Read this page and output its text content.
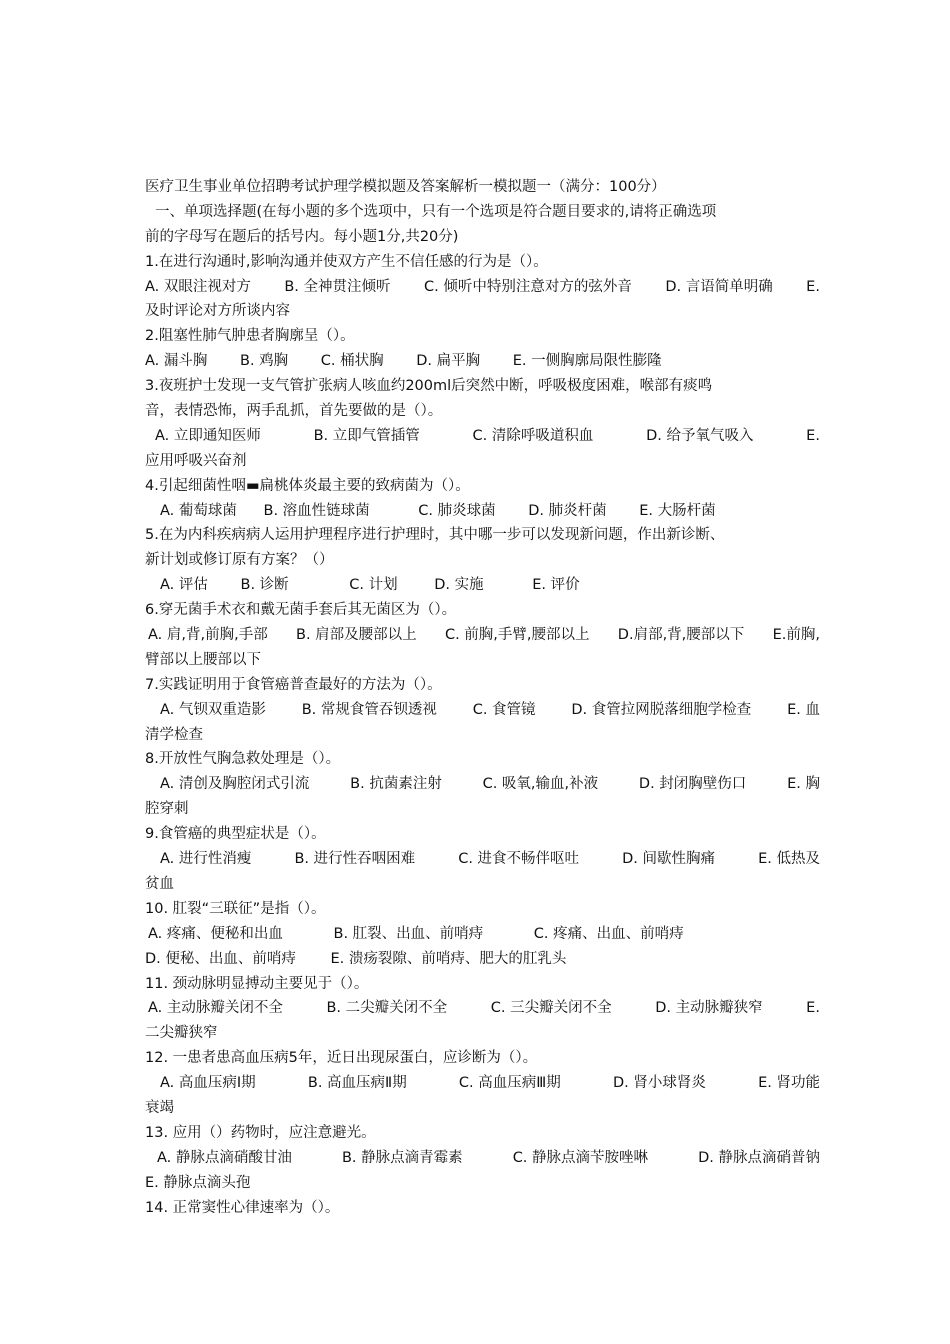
医疗卫生事业单位招聘考试护理学模拟题及答案解析一模拟题一（满分：100分）
一、单项选择题(在每小题的多个选项中，只有一个选项是符合题目要求的,请将正确选项
前的字母写在题后的括号内。每小题1分,共20分)
1.在进行沟通时,影响沟通并使双方产生不信任感的行为是（）。
A. 双眼注视对方 B. 全神贯注倾听 C. 倾听中特别注意对方的弦外音 D. 言语简单明确 E.
及时评论对方所谈内容
2.阻塞性肺气肿患者胸廓呈（）。
A. 漏斗胸 B. 鸡胸 C. 桶状胸 D. 扁平胸 E. 一侧胸廓局限性膨隆
3.夜班护士发现一支气管扩张病人咳血约200ml后突然中断，呼吸极度困难，喉部有痰鸣
音，表情恐怖，两手乱抓，首先要做的是（）。
A. 立即通知医师	B. 立即气管插管	C. 清除呼吸道积血	D. 给予氧气吸入	E.
应用呼吸兴奋剂
4.引起细菌性咽▬扁桃体炎最主要的致病菌为（）。
A. 葡萄球菌 B. 溶血性链球菌	C. 肺炎球菌 D. 肺炎杆菌 E. 大肠杆菌
5.在为内科疾病病人运用护理程序进行护理时，其中哪一步可以发现新问题，作出新诊断、
新计划或修订原有方案？（）
A. 评估 B. 诊断	C. 计划	D. 实施	E. 评价
6.穿无菌手术衣和戴无菌手套后其无菌区为（）。
A. 肩,背,前胸,手部 B. 肩部及腰部以上 C. 前胸,手臂,腰部以上 D.肩部,背,腰部以下 E.前胸,
臂部以上腰部以下
7.实践证明用于食管癌普查最好的方法为（）。
A. 气钡双重造影 B. 常规食管吞钡透视 C. 食管镜 D. 食管拉网脱落细胞学检查 E. 血
清学检查
8.开放性气胸急救处理是（）。
A. 清创及胸腔闭式引流	B. 抗菌素注射	C. 吸氧,输血,补液	D. 封闭胸壁伤口	E. 胸
腔穿刺
9.食管癌的典型症状是（）。
A. 进行性消瘦	B. 进行性吞咽困难	C. 进食不畅伴呕吐	D. 间歇性胸痛	E. 低热及
贫血
10. 肛裂“三联征”是指（）。
A. 疼痛、便秘和出血	B. 肛裂、出血、前哨痔	C. 疼痛、出血、前哨痔
D. 便秘、出血、前哨痔 E. 溃疡裂隙、前哨痔、肥大的肛乳头
11. 颈动脉明显搏动主要见于（）。
A. 主动脉瓣关闭不全	B. 二尖瓣关闭不全	C. 三尖瓣关闭不全	D. 主动脉瓣狭窄	E.
二尖瓣狭窄
12. 一患者患高血压病5年，近日出现尿蛋白，应诊断为（）。
A. 高血压病Ⅰ期	B. 高血压病Ⅱ期	C. 高血压病Ⅲ期	D. 肾小球肾炎	E. 肾功能
衰竭
13. 应用（）药物时，应注意避光。
A. 静脉点滴硝酸甘油	B. 静脉点滴青霉素	C. 静脉点滴苄胺唑啉	D. 静脉点滴硝普钠
E. 静脉点滴头孢
14. 正常窦性心律速率为（）。
